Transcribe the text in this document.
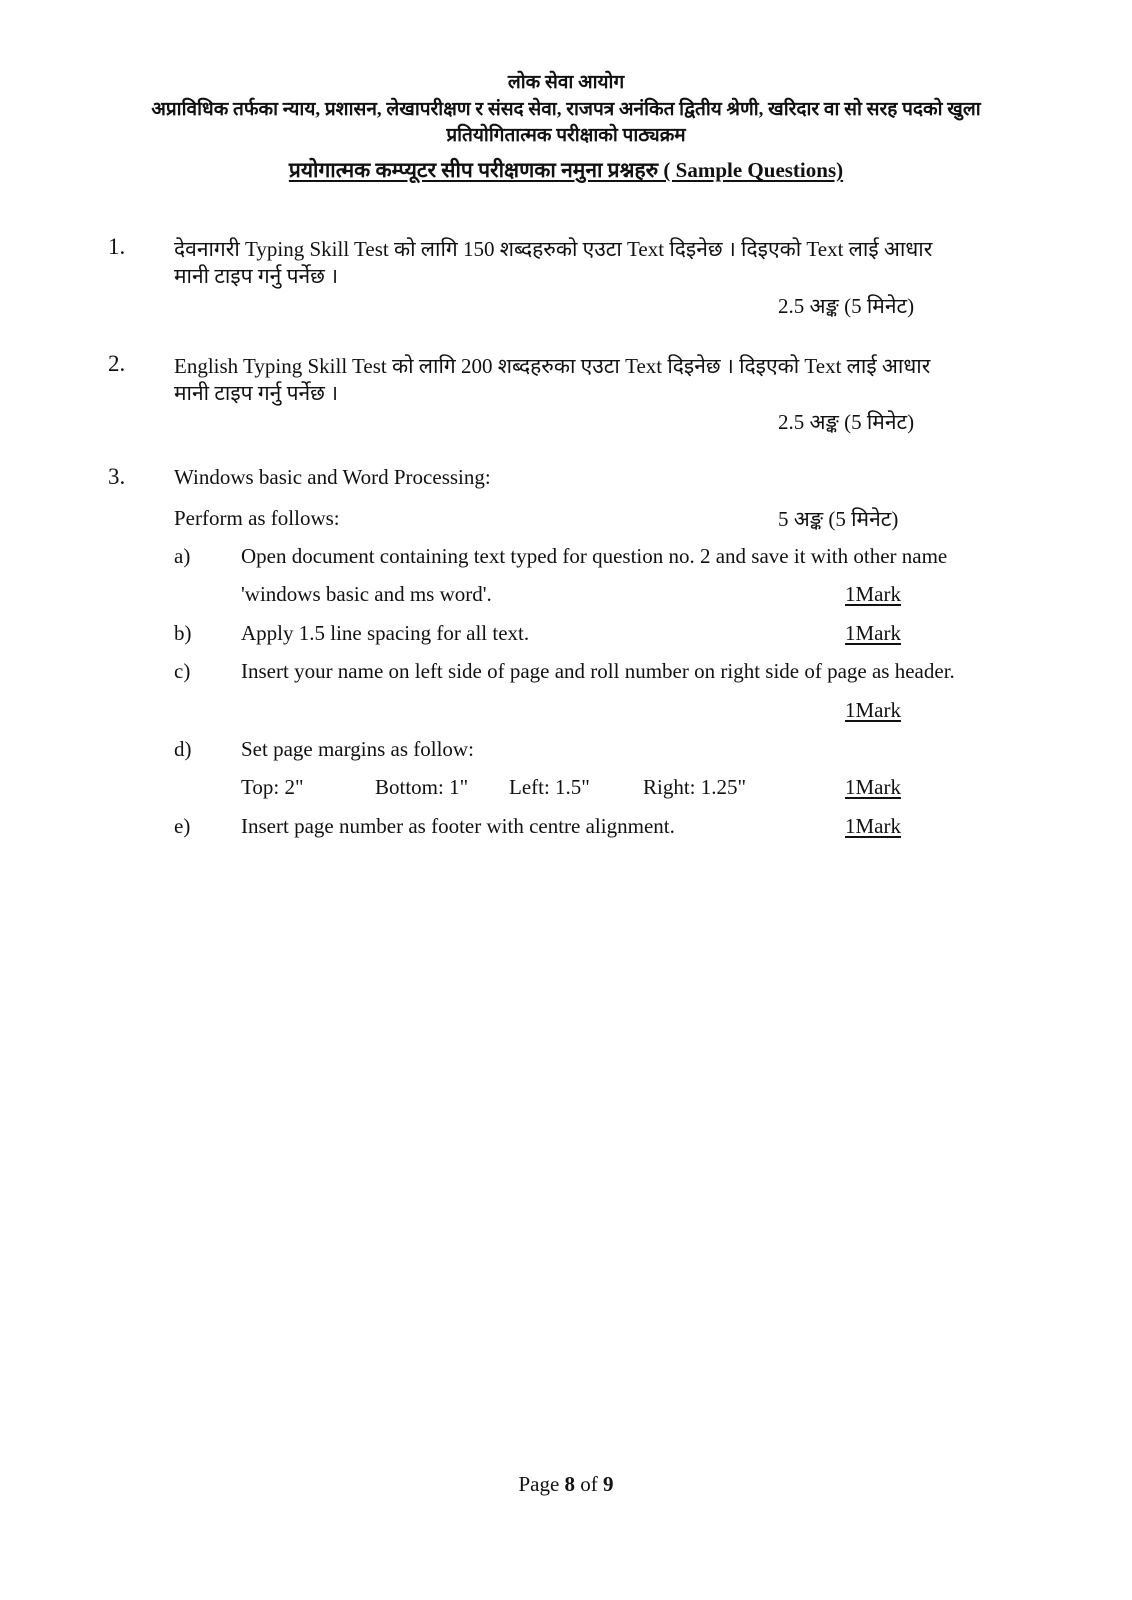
लोक सेवा आयोग
अप्राविधिक तर्फका न्याय, प्रशासन, लेखापरीक्षण र संसद सेवा, राजपत्र अनंकित द्वितीय श्रेणी, खरिदार वा सो सरह पदको खुला
प्रतियोगितात्मक परीक्षाको पाठ्यक्रम
प्रयोगात्मक कम्प्यूटर सीप परीक्षणका नमुना प्रश्नहरु ( Sample Questions)
1. देवनागरी Typing Skill Test को लागि 150 शब्दहरुको एउटा Text दिइनेछ । दिइएको Text लाई आधार
मानी टाइप गर्नु पर्नेछ ।
2.5 अङ्क (5 मिनेट)
2. English Typing Skill Test को लागि 200 शब्दहरुका एउटा Text दिइनेछ । दिइएको Text लाई आधार
मानी टाइप गर्नु पर्नेछ ।
2.5 अङ्क (5 मिनेट)
3. Windows basic and Word Processing:
Perform as follows:	5 अङ्क (5 मिनेट)
a) Open document containing text typed for question no. 2 and save it with other name
'windows basic and ms word'.	1Mark
b) Apply 1.5 line spacing for all text.	1Mark
c) Insert your name on left side of page and roll number on right side of page as header.
1Mark
d) Set page margins as follow:
Top: 2"	Bottom: 1" Left: 1.5"	Right: 1.25"	1Mark
e) Insert page number as footer with centre alignment.	1Mark
Page 8 of 9
